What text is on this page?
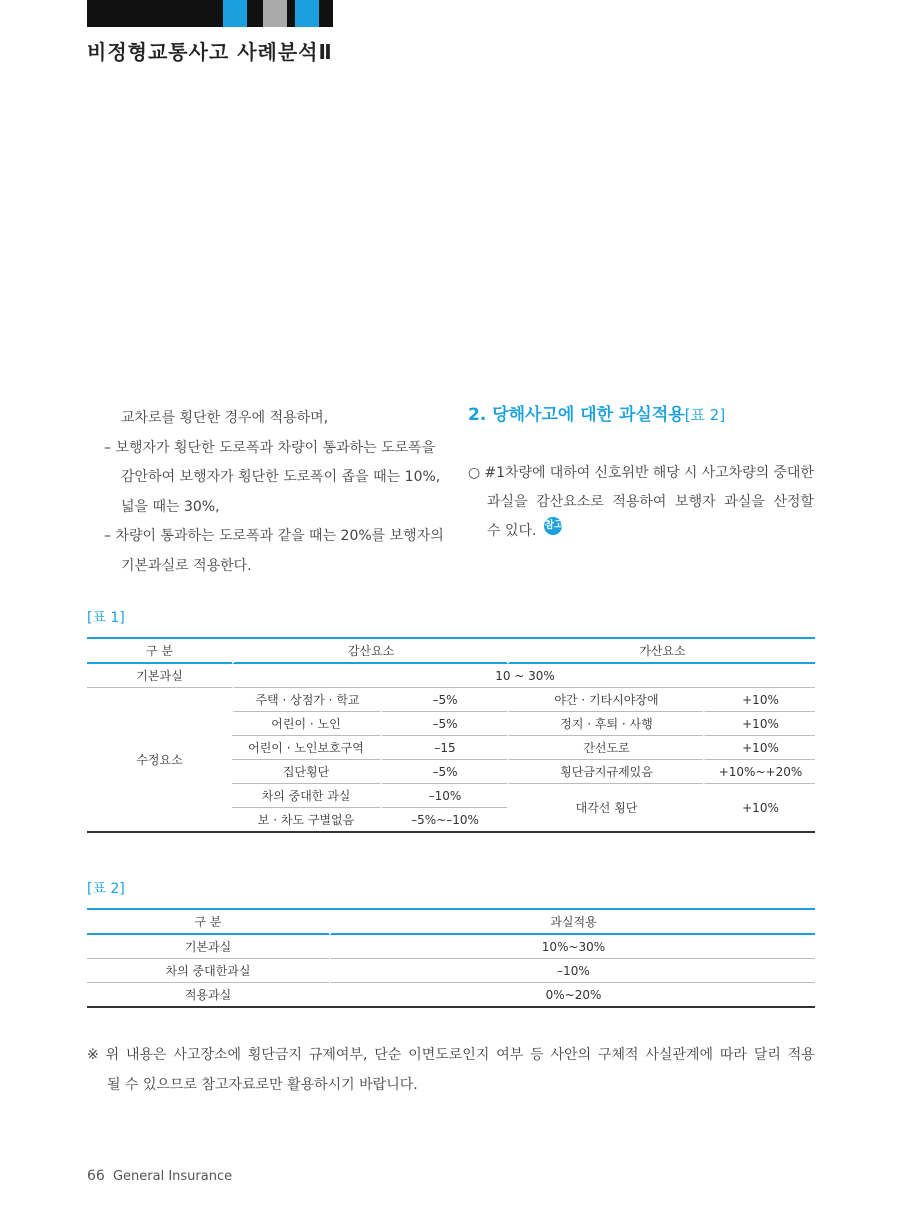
비정형교통사고 사례분석Ⅱ
교차로를 횡단한 경우에 적용하며,
– 보행자가 횡단한 도로폭과 차량이 통과하는 도로폭을
감안하여 보행자가 횡단한 도로폭이 좁을 때는 10%,
넓을 때는 30%,
– 차량이 통과하는 도로폭과 같을 때는 20%를 보행자의
기본과실로 적용한다.
2. 당해사고에 대한 과실적용[표 2]
○ #1차량에 대하여 신호위반 해당 시 사고차량의 중대한
과실을 감산요소로 적용하여 보행자 과실을 산정할
수 있다. 참고
[표 1]
구 분	감산요소		가산요소	
기본과실	10 ~ 30%			
수정요소	주택 · 상점가 · 학교	–5%	야간 · 기타시야장애	+10%
	어린이 · 노인	–5%	정지 · 후퇴 · 사행	+10%
	어린이 · 노인보호구역	–15	간선도로	+10%
	집단횡단	–5%	횡단금지규제있음	+10%~+20%
	차의 중대한 과실	–10%	대각선 횡단	+10%
	보 · 차도 구별없음	–5%~–10%		
[표 2]
구 분	과실적용
기본과실	10%~30%
차의 중대한과실	–10%
적용과실	0%~20%
※ 위 내용은 사고장소에 횡단금지 규제여부, 단순 이면도로인지 여부 등 사안의 구체적 사실관계에 따라 달리 적용
될 수 있으므로 참고자료로만 활용하시기 바랍니다.
66 General Insurance
